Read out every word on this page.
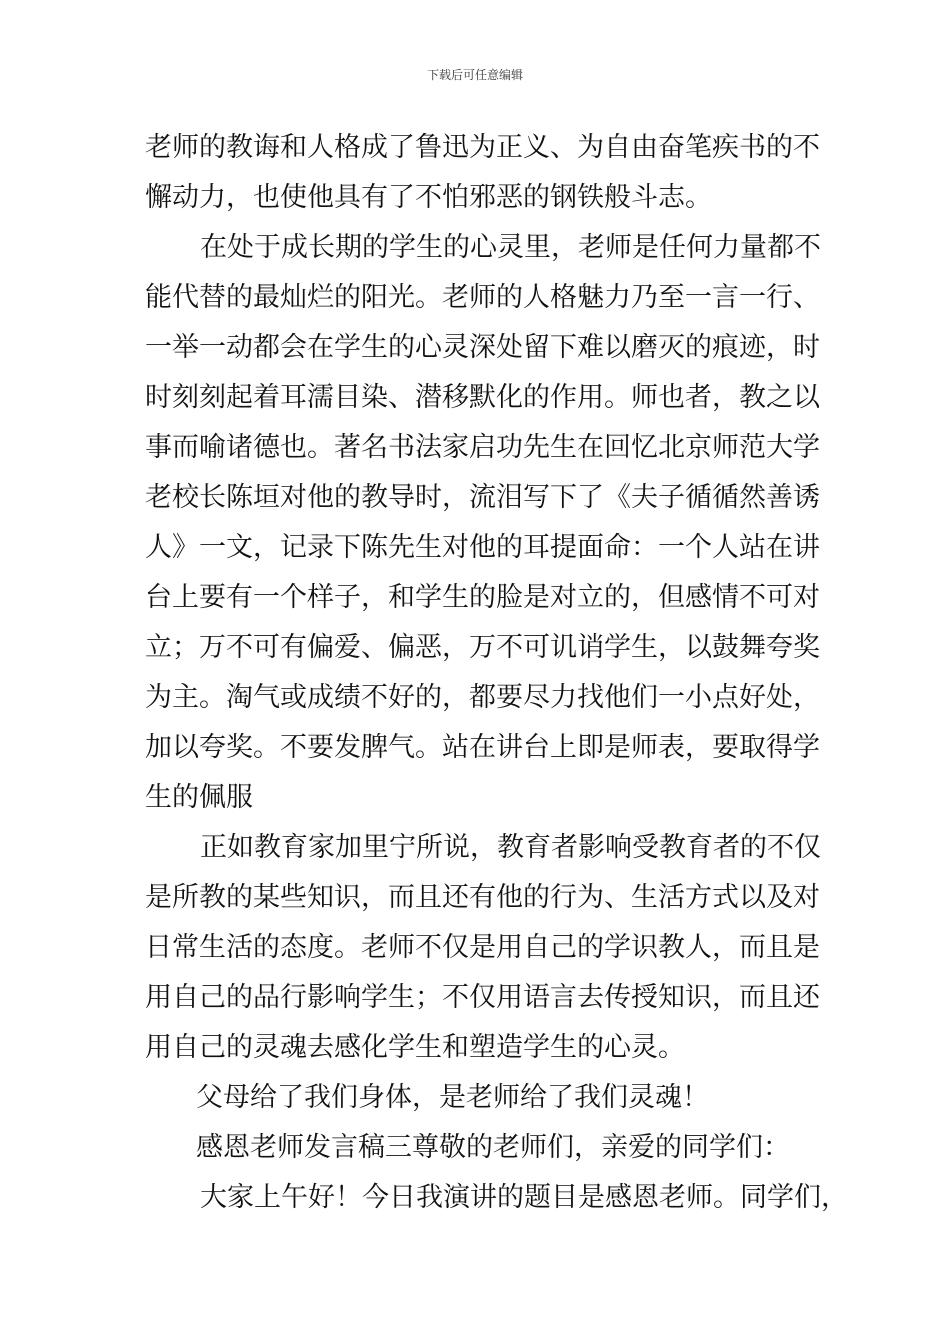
下载后可任意编辑
老师的教诲和人格成了鲁迅为正义、为自由奋笔疾书的不
懈动力，也使他具有了不怕邪恶的钢铁般斗志。
在处于成长期的学生的心灵里，老师是任何力量都不
能代替的最灿烂的阳光。老师的人格魅力乃至一言一行、
一举一动都会在学生的心灵深处留下难以磨灭的痕迹，时
时刻刻起着耳濡目染、潜移默化的作用。师也者，教之以
事而喻诸德也。著名书法家启功先生在回忆北京师范大学
老校长陈垣对他的教导时，流泪写下了《夫子循循然善诱
人》一文，记录下陈先生对他的耳提面命：一个人站在讲
台上要有一个样子，和学生的脸是对立的，但感情不可对
立；万不可有偏爱、偏恶，万不可讥诮学生，以鼓舞夸奖
为主。淘气或成绩不好的，都要尽力找他们一小点好处，
加以夸奖。不要发脾气。站在讲台上即是师表，要取得学
生的佩服
正如教育家加里宁所说，教育者影响受教育者的不仅
是所教的某些知识，而且还有他的行为、生活方式以及对
日常生活的态度。老师不仅是用自己的学识教人，而且是
用自己的品行影响学生；不仅用语言去传授知识，而且还
用自己的灵魂去感化学生和塑造学生的心灵。
父母给了我们身体，是老师给了我们灵魂！
感恩老师发言稿三尊敬的老师们，亲爱的同学们：
大家上午好！今日我演讲的题目是感恩老师。同学们，
